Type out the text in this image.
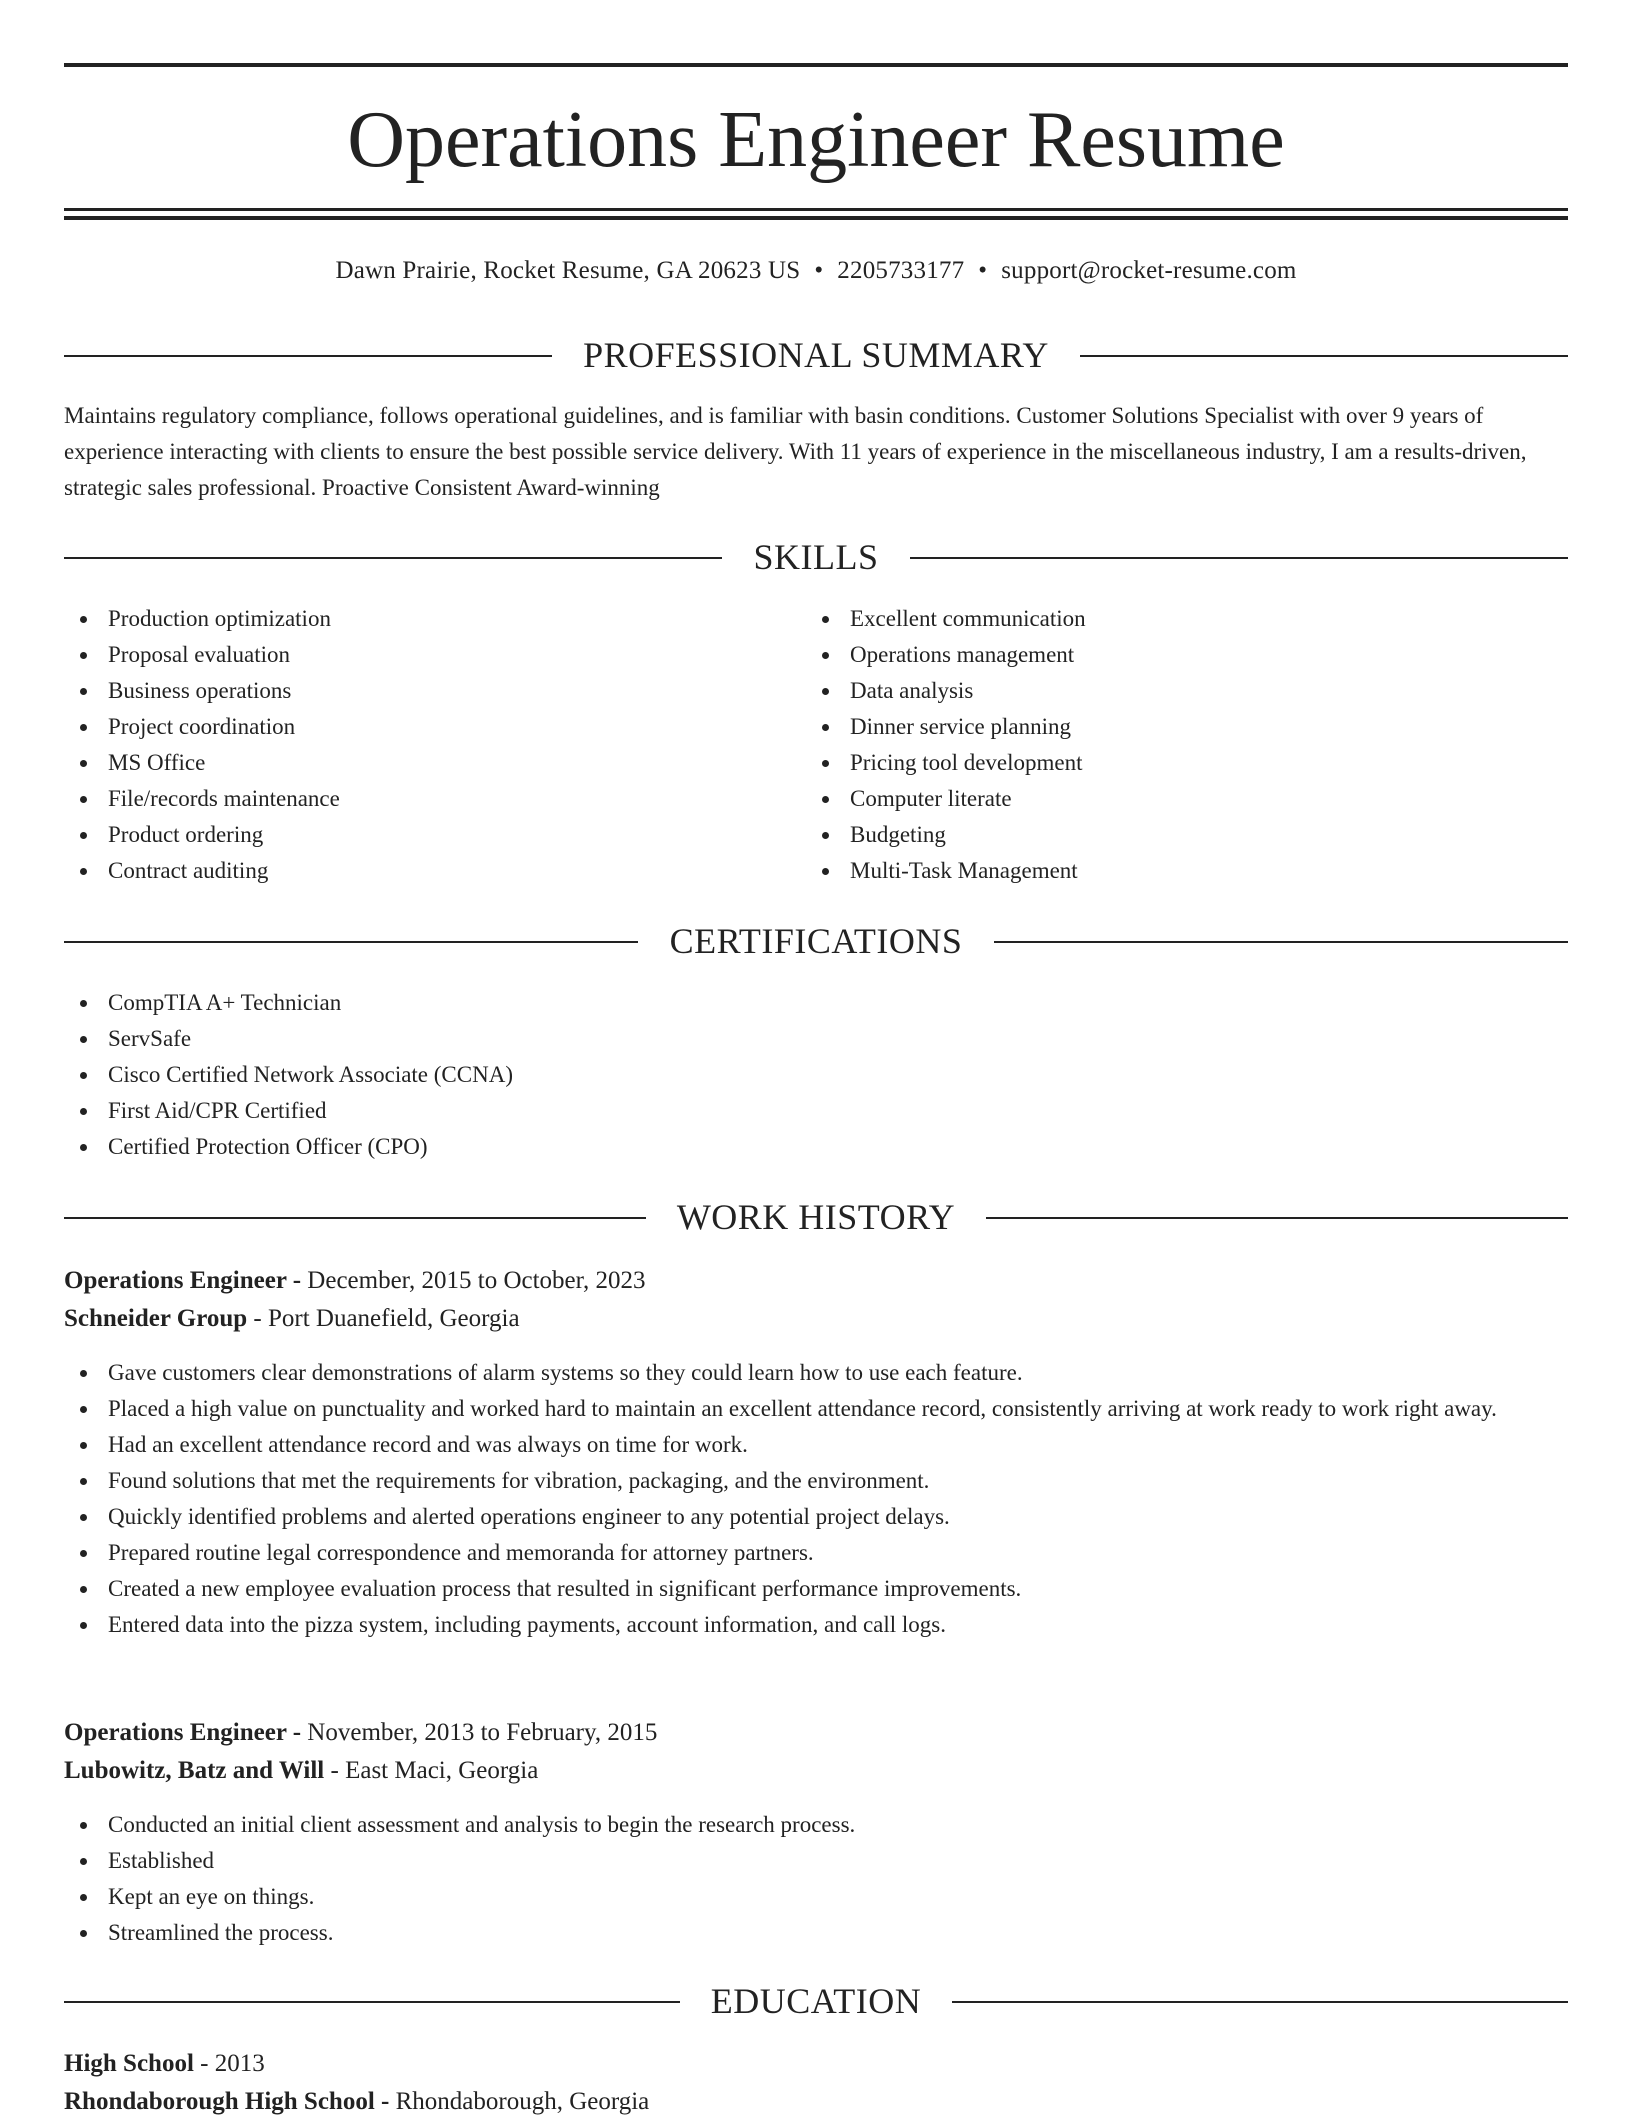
Operations Engineer Resume
Dawn Prairie, Rocket Resume, GA 20623 US • 2205733177 • support@rocket-resume.com
PROFESSIONAL SUMMARY
Maintains regulatory compliance, follows operational guidelines, and is familiar with basin conditions. Customer Solutions Specialist with over 9 years of experience interacting with clients to ensure the best possible service delivery. With 11 years of experience in the miscellaneous industry, I am a results-driven, strategic sales professional. Proactive Consistent Award-winning
SKILLS
Production optimization
Proposal evaluation
Business operations
Project coordination
MS Office
File/records maintenance
Product ordering
Contract auditing
Excellent communication
Operations management
Data analysis
Dinner service planning
Pricing tool development
Computer literate
Budgeting
Multi-Task Management
CERTIFICATIONS
CompTIA A+ Technician
ServSafe
Cisco Certified Network Associate (CCNA)
First Aid/CPR Certified
Certified Protection Officer (CPO)
WORK HISTORY
Operations Engineer - December, 2015 to October, 2023
Schneider Group - Port Duanefield, Georgia
Gave customers clear demonstrations of alarm systems so they could learn how to use each feature.
Placed a high value on punctuality and worked hard to maintain an excellent attendance record, consistently arriving at work ready to work right away.
Had an excellent attendance record and was always on time for work.
Found solutions that met the requirements for vibration, packaging, and the environment.
Quickly identified problems and alerted operations engineer to any potential project delays.
Prepared routine legal correspondence and memoranda for attorney partners.
Created a new employee evaluation process that resulted in significant performance improvements.
Entered data into the pizza system, including payments, account information, and call logs.
Operations Engineer - November, 2013 to February, 2015
Lubowitz, Batz and Will - East Maci, Georgia
Conducted an initial client assessment and analysis to begin the research process.
Established
Kept an eye on things.
Streamlined the process.
EDUCATION
High School - 2013
Rhondaborough High School - Rhondaborough, Georgia
